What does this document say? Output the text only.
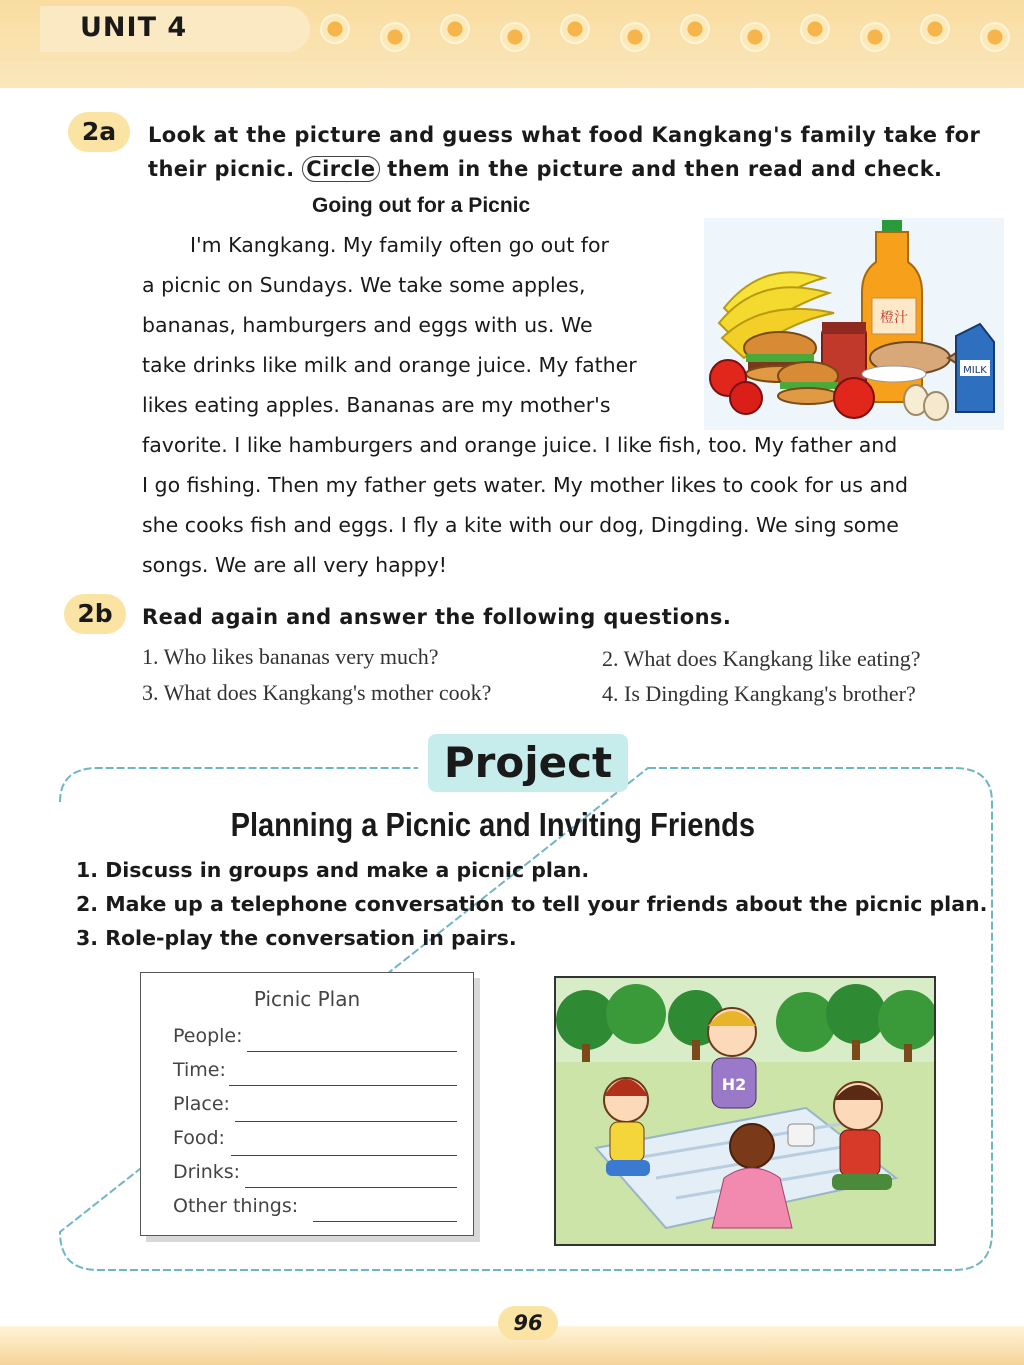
UNIT 4
2a	Look at the picture and guess what food Kangkang's family take for
their picnic. Circle them in the picture and then read and check.
Going out for a Picnic
I'm Kangkang. My family often go out for
a picnic on Sundays. We take some apples,
bananas, hamburgers and eggs with us. We
take drinks like milk and orange juice. My father
likes eating apples. Bananas are my mother's
favorite. I like hamburgers and orange juice. I like fish, too. My father and
I go fishing. Then my father gets water. My mother likes to cook for us and
she cooks fish and eggs. I fly a kite with our dog, Dingding. We sing some
songs. We are all very happy!
橙汁
MILK
2b	Read again and answer the following questions.
1. Who likes bananas very much?	2. What does Kangkang like eating?
3. What does Kangkang's mother cook?	4. Is Dingding Kangkang's brother?
Project
Planning a Picnic and Inviting Friends
1. Discuss in groups and make a picnic plan.
2. Make up a telephone conversation to tell your friends about the picnic plan.
3. Role-play the conversation in pairs.
Picnic Plan
People:
Time:
Place:
Food:
Drinks:
Other things:
H2
96
